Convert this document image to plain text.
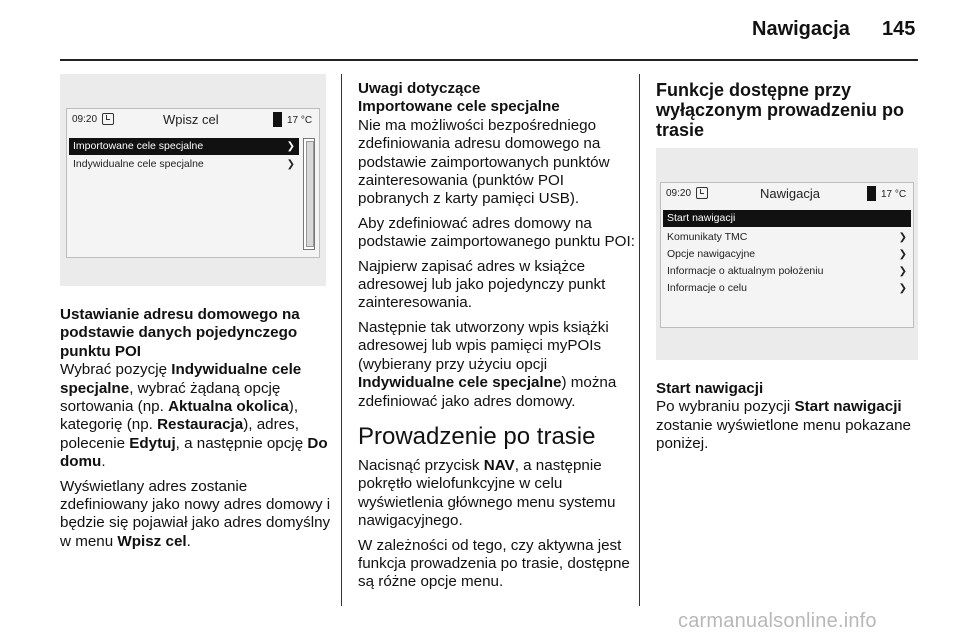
Nawigacja 145
09:20	Wpisz cel	17 °C
Importowane cele specjalne	❯
Indywidualne cele specjalne	❯

Ustawianie adresu domowego na podstawie danych pojedynczego punktu POI

Wybrać pozycję Indywidualne cele specjalne, wybrać żądaną opcję sortowania (np. Aktualna okolica), kategorię (np. Restauracja), adres, polecenie Edytuj, a następnie opcję Do domu.

Wyświetlany adres zostanie zdefiniowany jako nowy adres domowy i będzie się pojawiał jako adres domyślny w menu Wpisz cel.

Uwagi dotyczące

Importowane cele specjalne

Nie ma możliwości bezpośredniego zdefiniowania adresu domowego na podstawie zaimportowanych punktów zainteresowania (punktów POI pobranych z karty pamięci USB).

Aby zdefiniować adres domowy na podstawie zaimportowanego punktu POI:

Najpierw zapisać adres w książce adresowej lub jako pojedynczy punkt zainteresowania.

Następnie tak utworzony wpis książki adresowej lub wpis pamięci myPOIs (wybierany przy użyciu opcji Indywidualne cele specjalne) można zdefiniować jako adres domowy.

Prowadzenie po trasie

Nacisnąć przycisk NAV, a następnie pokrętło wielofunkcyjne w celu wyświetlenia głównego menu systemu nawigacyjnego.

W zależności od tego, czy aktywna jest funkcja prowadzenia po trasie, dostępne są różne opcje menu.

Funkcje dostępne przy wyłączonym prowadzeniu po trasie
09:20	Nawigacja	17 °C
Start nawigacji
Komunikaty TMC	❯
Opcje nawigacyjne	❯
Informacje o aktualnym położeniu	❯
Informacje o celu	❯

Start nawigacji

Po wybraniu pozycji Start nawigacji zostanie wyświetlone menu pokazane poniżej.

carmanualsonline.info
